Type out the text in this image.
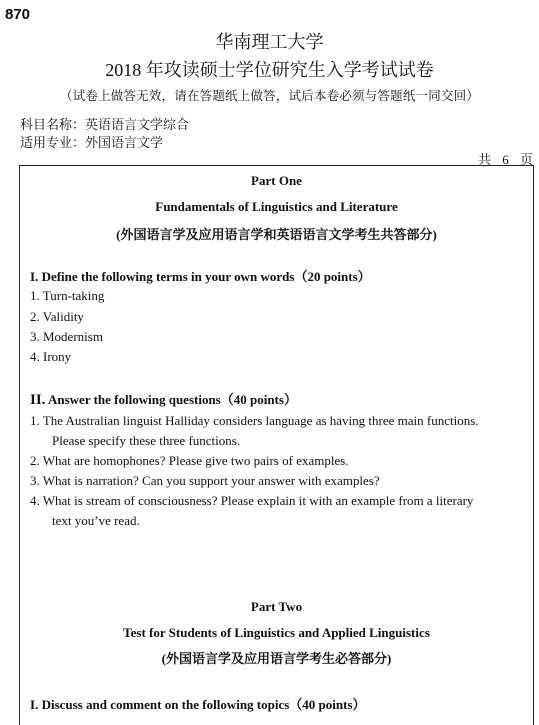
870
华南理工大学
2018 年攻读硕士学位研究生入学考试试卷
（试卷上做答无效，请在答题纸上做答，试后本卷必须与答题纸一同交回）
科目名称：英语语言文学综合
适用专业：外国语言文学
共 6 页
Part One
Fundamentals of Linguistics and Literature
(外国语言学及应用语言学和英语语言文学考生共答部分)
I. Define the following terms in your own words（20 points）
1. Turn-taking
2. Validity
3. Modernism
4. Irony
II. Answer the following questions（40 points）
1. The Australian linguist Halliday considers language as having three main functions.
Please specify these three functions.
2. What are homophones? Please give two pairs of examples.
3. What is narration? Can you support your answer with examples?
4. What is stream of consciousness? Please explain it with an example from a literary
text you’ve read.
Part Two
Test for Students of Linguistics and Applied Linguistics
(外国语言学及应用语言学考生必答部分)
I. Discuss and comment on the following topics（40 points）
